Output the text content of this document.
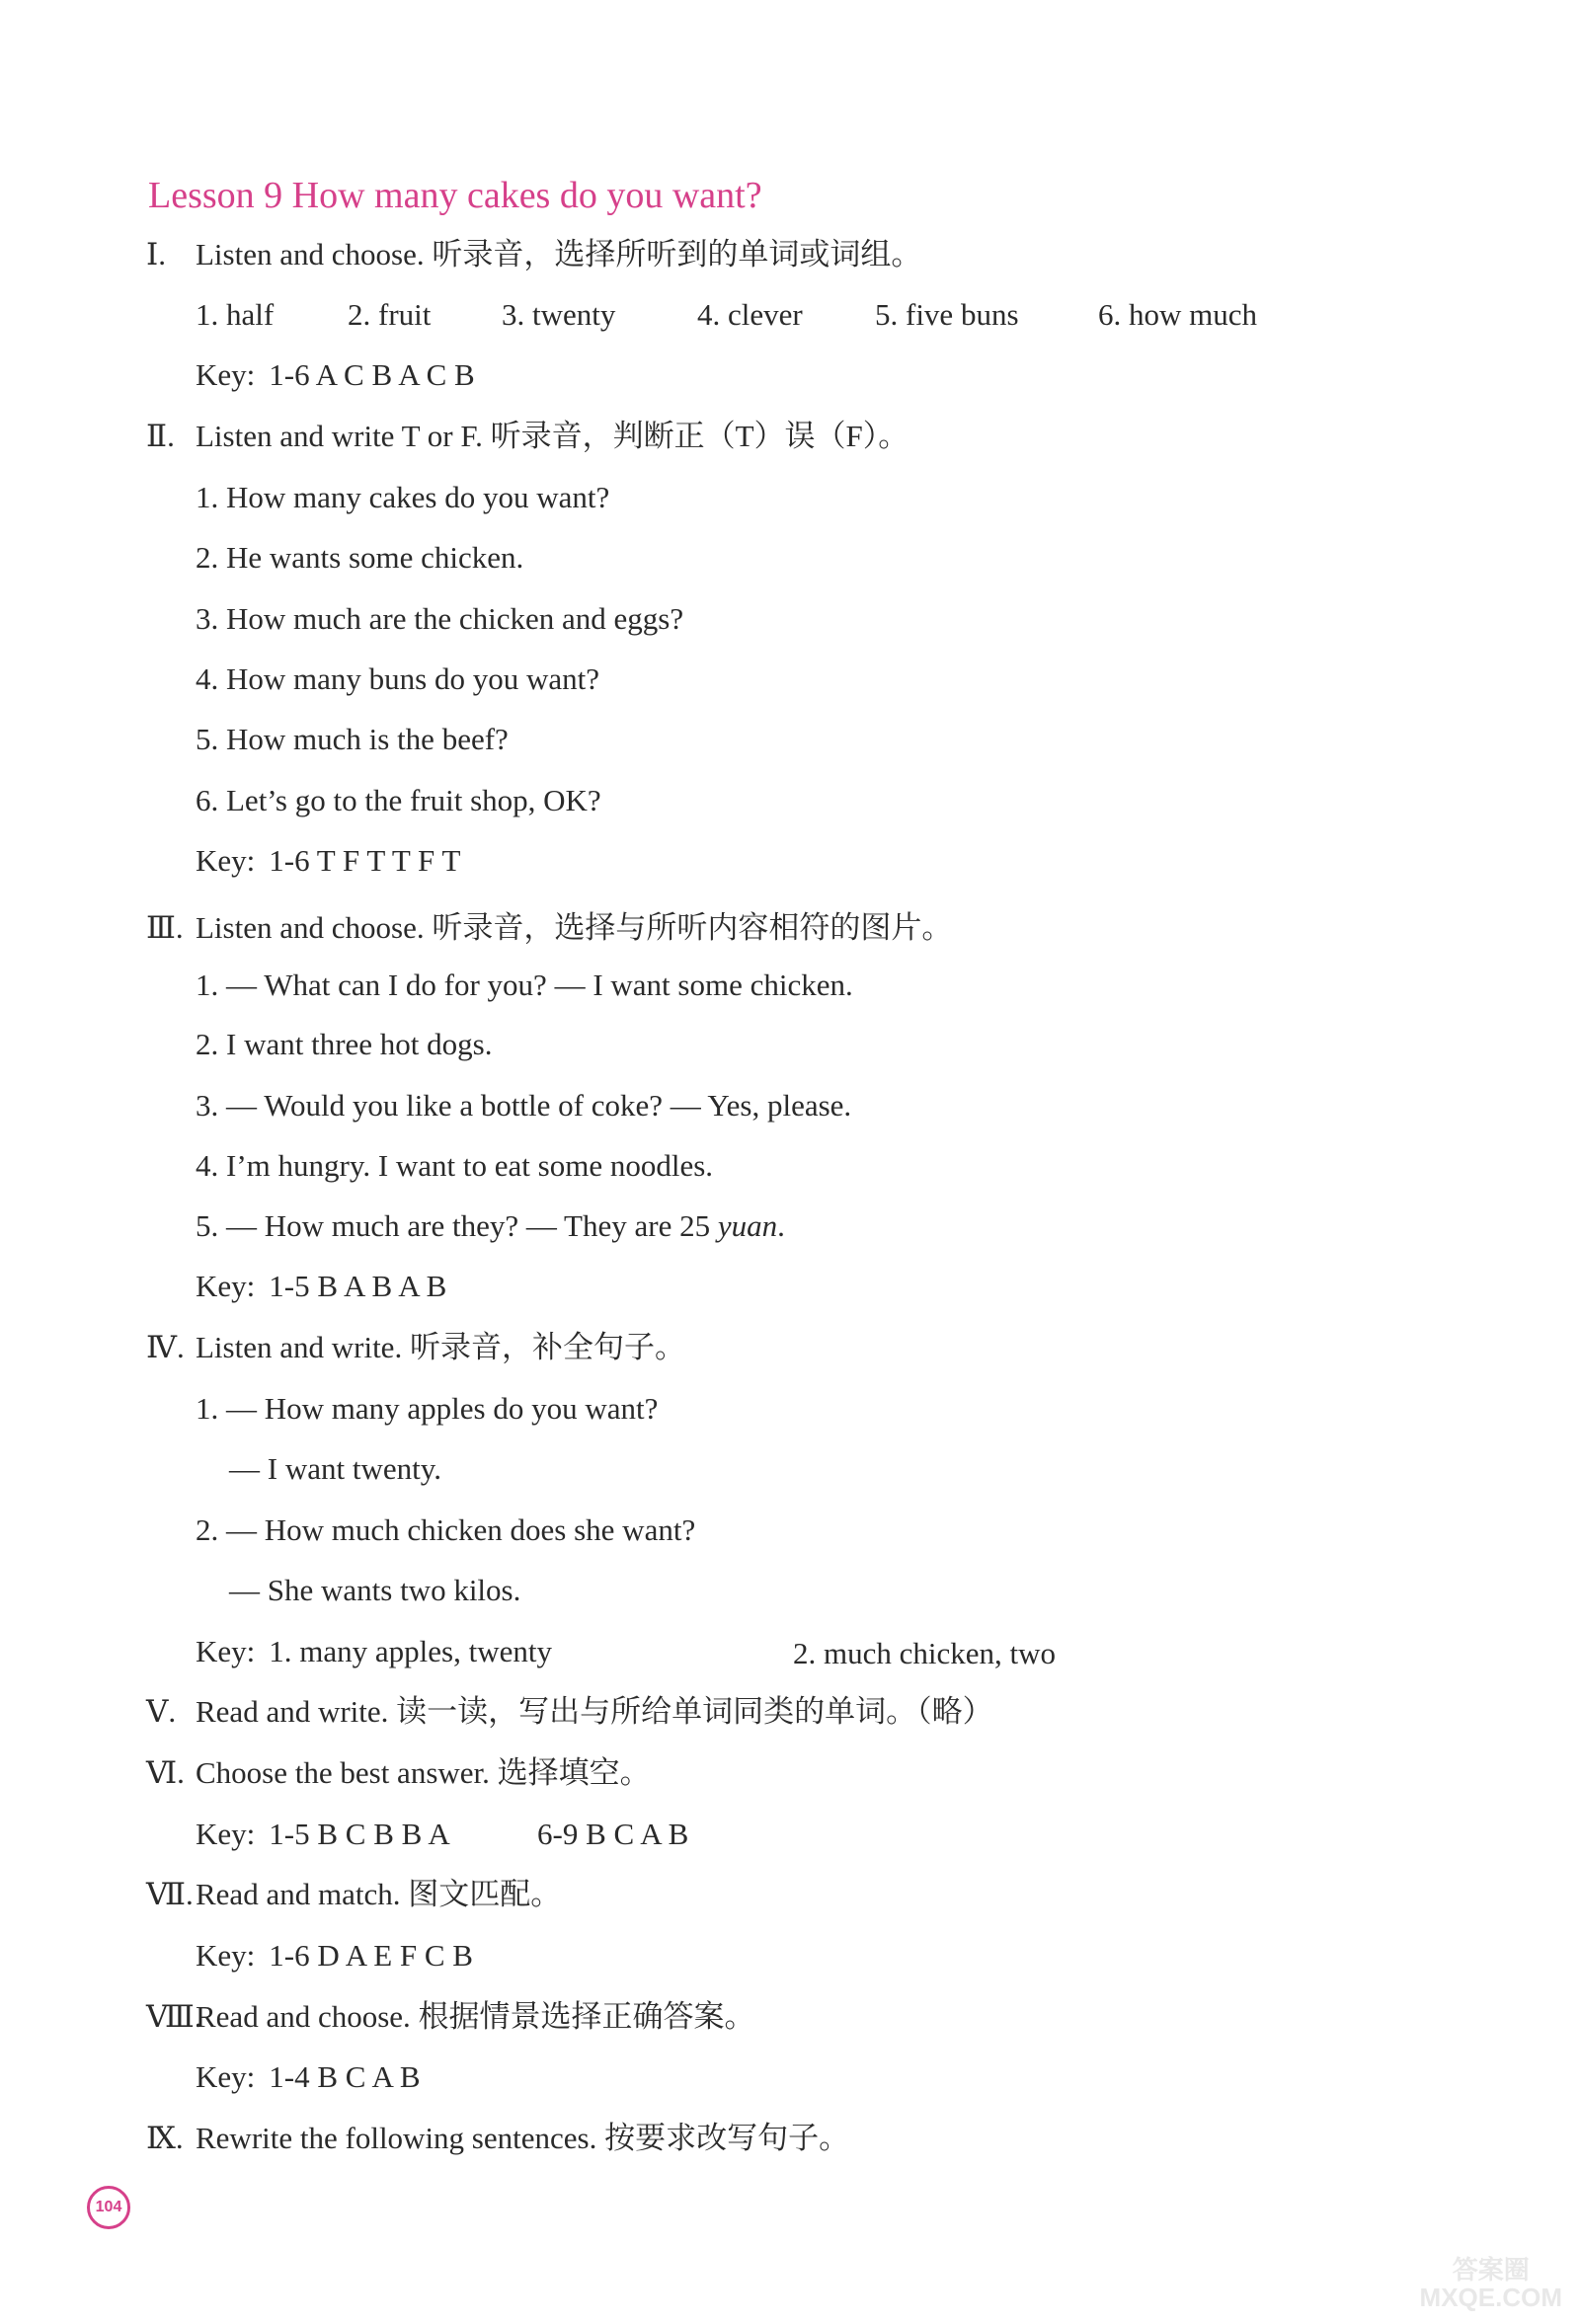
Lesson 9 How many cakes do you want?
Ⅰ. Listen and choose. 听录音，选择所听到的单词或词组。
1. half 2. fruit 3. twenty	4. clever 5. five buns	6. how much
Key: 1-6 A C B A C B
Ⅱ. Listen and write T or F. 听录音，判断正（T）误（F）。
1. How many cakes do you want?
2. He wants some chicken.
3. How much are the chicken and eggs?
4. How many buns do you want?
5. How much is the beef?
6. Let’s go to the fruit shop, OK?
Key: 1-6 T F T T F T
Ⅲ. Listen and choose. 听录音，选择与所听内容相符的图片。
1. — What can I do for you? — I want some chicken.
2. I want three hot dogs.
3. — Would you like a bottle of coke? — Yes, please.
4. I’m hungry. I want to eat some noodles.
5. — How much are they? — They are 25 yuan.
Key: 1-5 B A B A B
Ⅳ. Listen and write. 听录音，补全句子。
1. — How many apples do you want?
— I want twenty.
2. — How much chicken does she want?
— She wants two kilos.
Key: 1. many apples, twenty	2. much chicken, two
Ⅴ. Read and write. 读一读，写出与所给单词同类的单词。（略）
Ⅵ. Choose the best answer. 选择填空。
Key: 1-5 B C B B A	6-9 B C A B
Ⅶ.Read and match. 图文匹配。
Key: 1-6 D A E F C B
Ⅷ.Read and choose. 根据情景选择正确答案。
Key: 1-4 B C A B
Ⅸ. Rewrite the following sentences. 按要求改写句子。
104
答案圈
MXQE.COM
